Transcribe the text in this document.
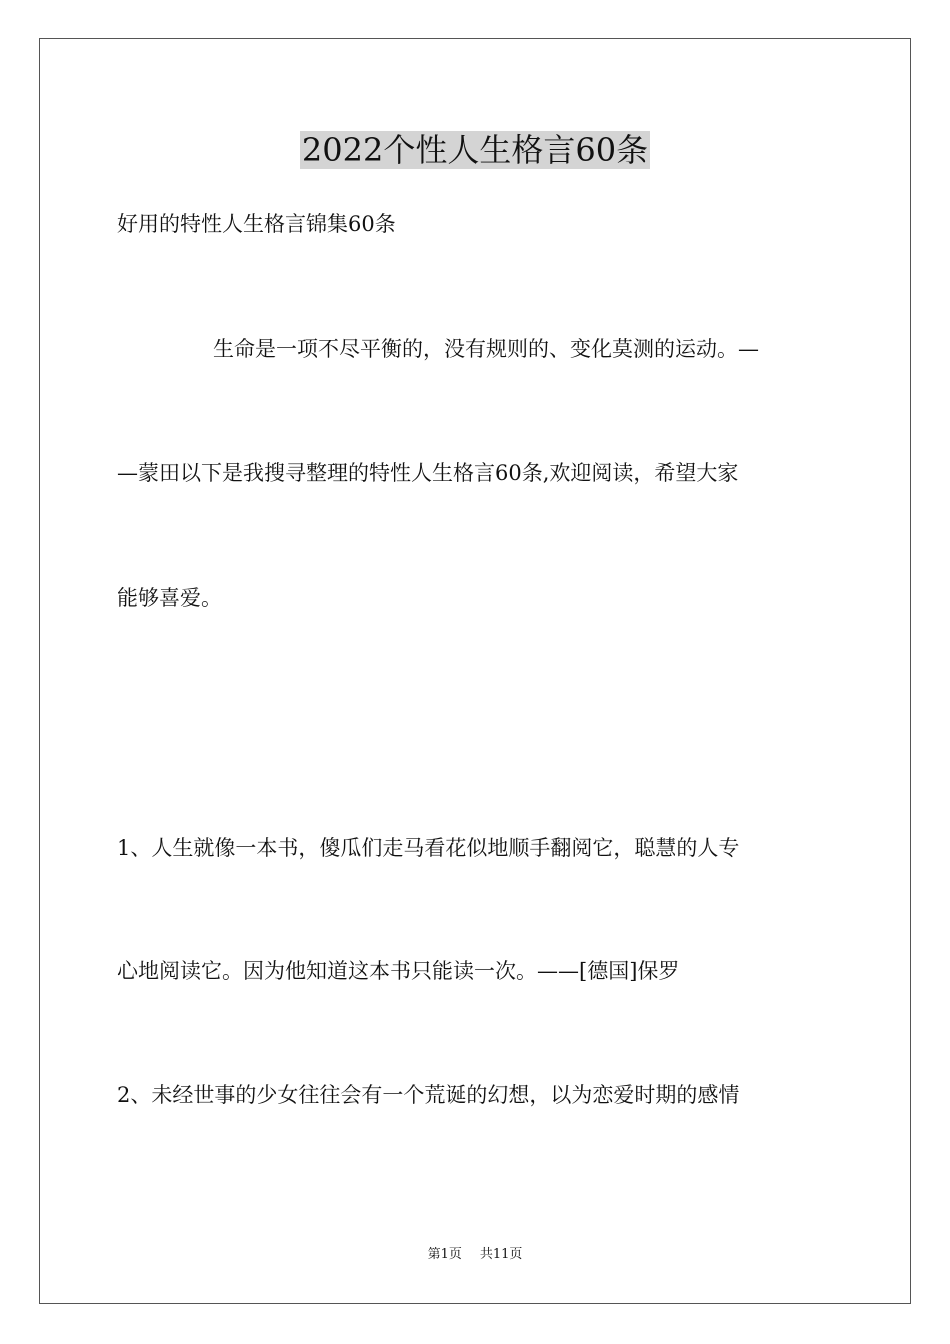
2022个性人生格言60条
好用的特性人生格言锦集60条
生命是一项不尽平衡的，没有规则的、变化莫测的运动。—
—蒙田以下是我搜寻整理的特性人生格言60条,欢迎阅读，希望大家
能够喜爱。
1、人生就像一本书，傻瓜们走马看花似地顺手翻阅它，聪慧的人专
心地阅读它。因为他知道这本书只能读一次。——[德国]保罗
2、未经世事的少女往往会有一个荒诞的幻想，以为恋爱时期的感情
第1页 共11页
